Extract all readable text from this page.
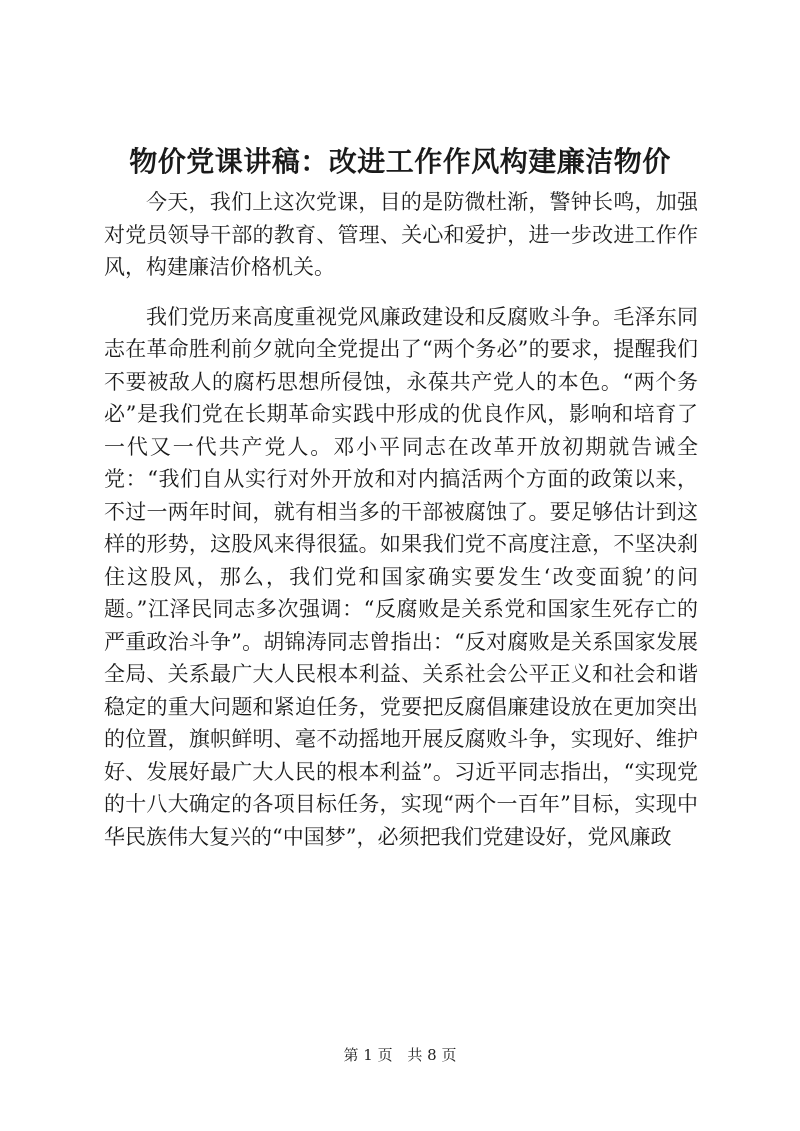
物价党课讲稿：改进工作作风构建廉洁物价

今天，我们上这次党课，目的是防微杜渐，警钟长鸣，加强对党员领导干部的教育、管理、关心和爱护，进一步改进工作作风，构建廉洁价格机关。

我们党历来高度重视党风廉政建设和反腐败斗争。毛泽东同志在革命胜利前夕就向全党提出了“两个务必”的要求，提醒我们不要被敌人的腐朽思想所侵蚀，永葆共产党人的本色。“两个务必”是我们党在长期革命实践中形成的优良作风，影响和培育了一代又一代共产党人。邓小平同志在改革开放初期就告诫全党：“我们自从实行对外开放和对内搞活两个方面的政策以来，不过一两年时间，就有相当多的干部被腐蚀了。要足够估计到这样的形势，这股风来得很猛。如果我们党不高度注意，不坚决刹住这股风，那么，我们党和国家确实要发生‘改变面貌’的问题。”江泽民同志多次强调：“反腐败是关系党和国家生死存亡的严重政治斗争”。胡锦涛同志曾指出：“反对腐败是关系国家发展全局、关系最广大人民根本利益、关系社会公平正义和社会和谐稳定的重大问题和紧迫任务，党要把反腐倡廉建设放在更加突出的位置，旗帜鲜明、毫不动摇地开展反腐败斗争，实现好、维护好、发展好最广大人民的根本利益”。习近平同志指出，“实现党的十八大确定的各项目标任务，实现“两个一百年”目标，实现中华民族伟大复兴的“中国梦”，必须把我们党建设好，党风廉政

第 1 页 共 8 页
